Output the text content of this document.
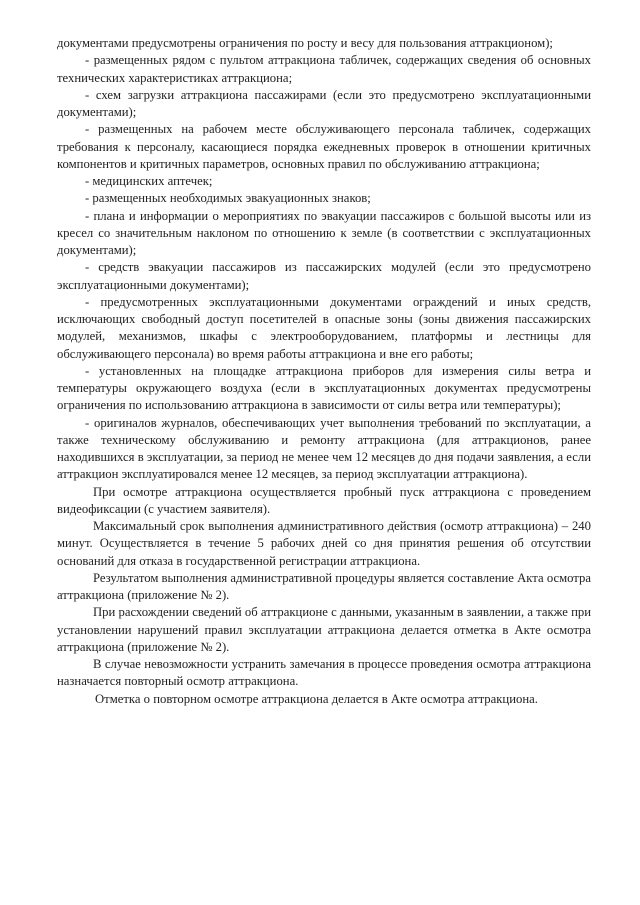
документами предусмотрены ограничения по росту и весу для пользования аттракционом);

- размещенных рядом с пультом аттракциона табличек, содержащих сведения об основных технических характеристиках аттракциона;

- схем загрузки аттракциона пассажирами (если это предусмотрено эксплуатационными документами);

- размещенных на рабочем месте обслуживающего персонала табличек, содержащих требования к персоналу, касающиеся порядка ежедневных проверок в отношении критичных компонентов и критичных параметров, основных правил по обслуживанию аттракциона;

- медицинских аптечек;

- размещенных необходимых эвакуационных знаков;

- плана и информации о мероприятиях по эвакуации пассажиров с большой высоты или из кресел со значительным наклоном по отношению к земле (в соответствии с эксплуатационных документами);

- средств эвакуации пассажиров из пассажирских модулей (если это предусмотрено эксплуатационными документами);

- предусмотренных эксплуатационными документами ограждений и иных средств, исключающих свободный доступ посетителей в опасные зоны (зоны движения пассажирских модулей, механизмов, шкафы с электрооборудованием, платформы и лестницы для обслуживающего персонала) во время работы аттракциона и вне его работы;

- установленных на площадке аттракциона приборов для измерения силы ветра и температуры окружающего воздуха (если в эксплуатационных документах предусмотрены ограничения по использованию аттракциона в зависимости от силы ветра или температуры);

- оригиналов журналов, обеспечивающих учет выполнения требований по эксплуатации, а также техническому обслуживанию и ремонту аттракциона (для аттракционов, ранее находившихся в эксплуатации, за период не менее чем 12 месяцев до дня подачи заявления, а если аттракцион эксплуатировался менее 12 месяцев, за период эксплуатации аттракциона).

При осмотре аттракциона осуществляется пробный пуск аттракциона с проведением видеофиксации (с участием заявителя).

Максимальный срок выполнения административного действия (осмотр аттракциона) – 240 минут. Осуществляется в течение 5 рабочих дней со дня принятия решения об отсутствии оснований для отказа в государственной регистрации аттракциона.

Результатом выполнения административной процедуры является составление Акта осмотра аттракциона (приложение № 2).

При расхождении сведений об аттракционе с данными, указанным в заявлении, а также при установлении нарушений правил эксплуатации аттракциона делается отметка в Акте осмотра аттракциона (приложение № 2).

В случае невозможности устранить замечания в процессе проведения осмотра аттракциона назначается повторный осмотр аттракциона.

Отметка о повторном осмотре аттракциона делается в Акте осмотра аттракциона.
